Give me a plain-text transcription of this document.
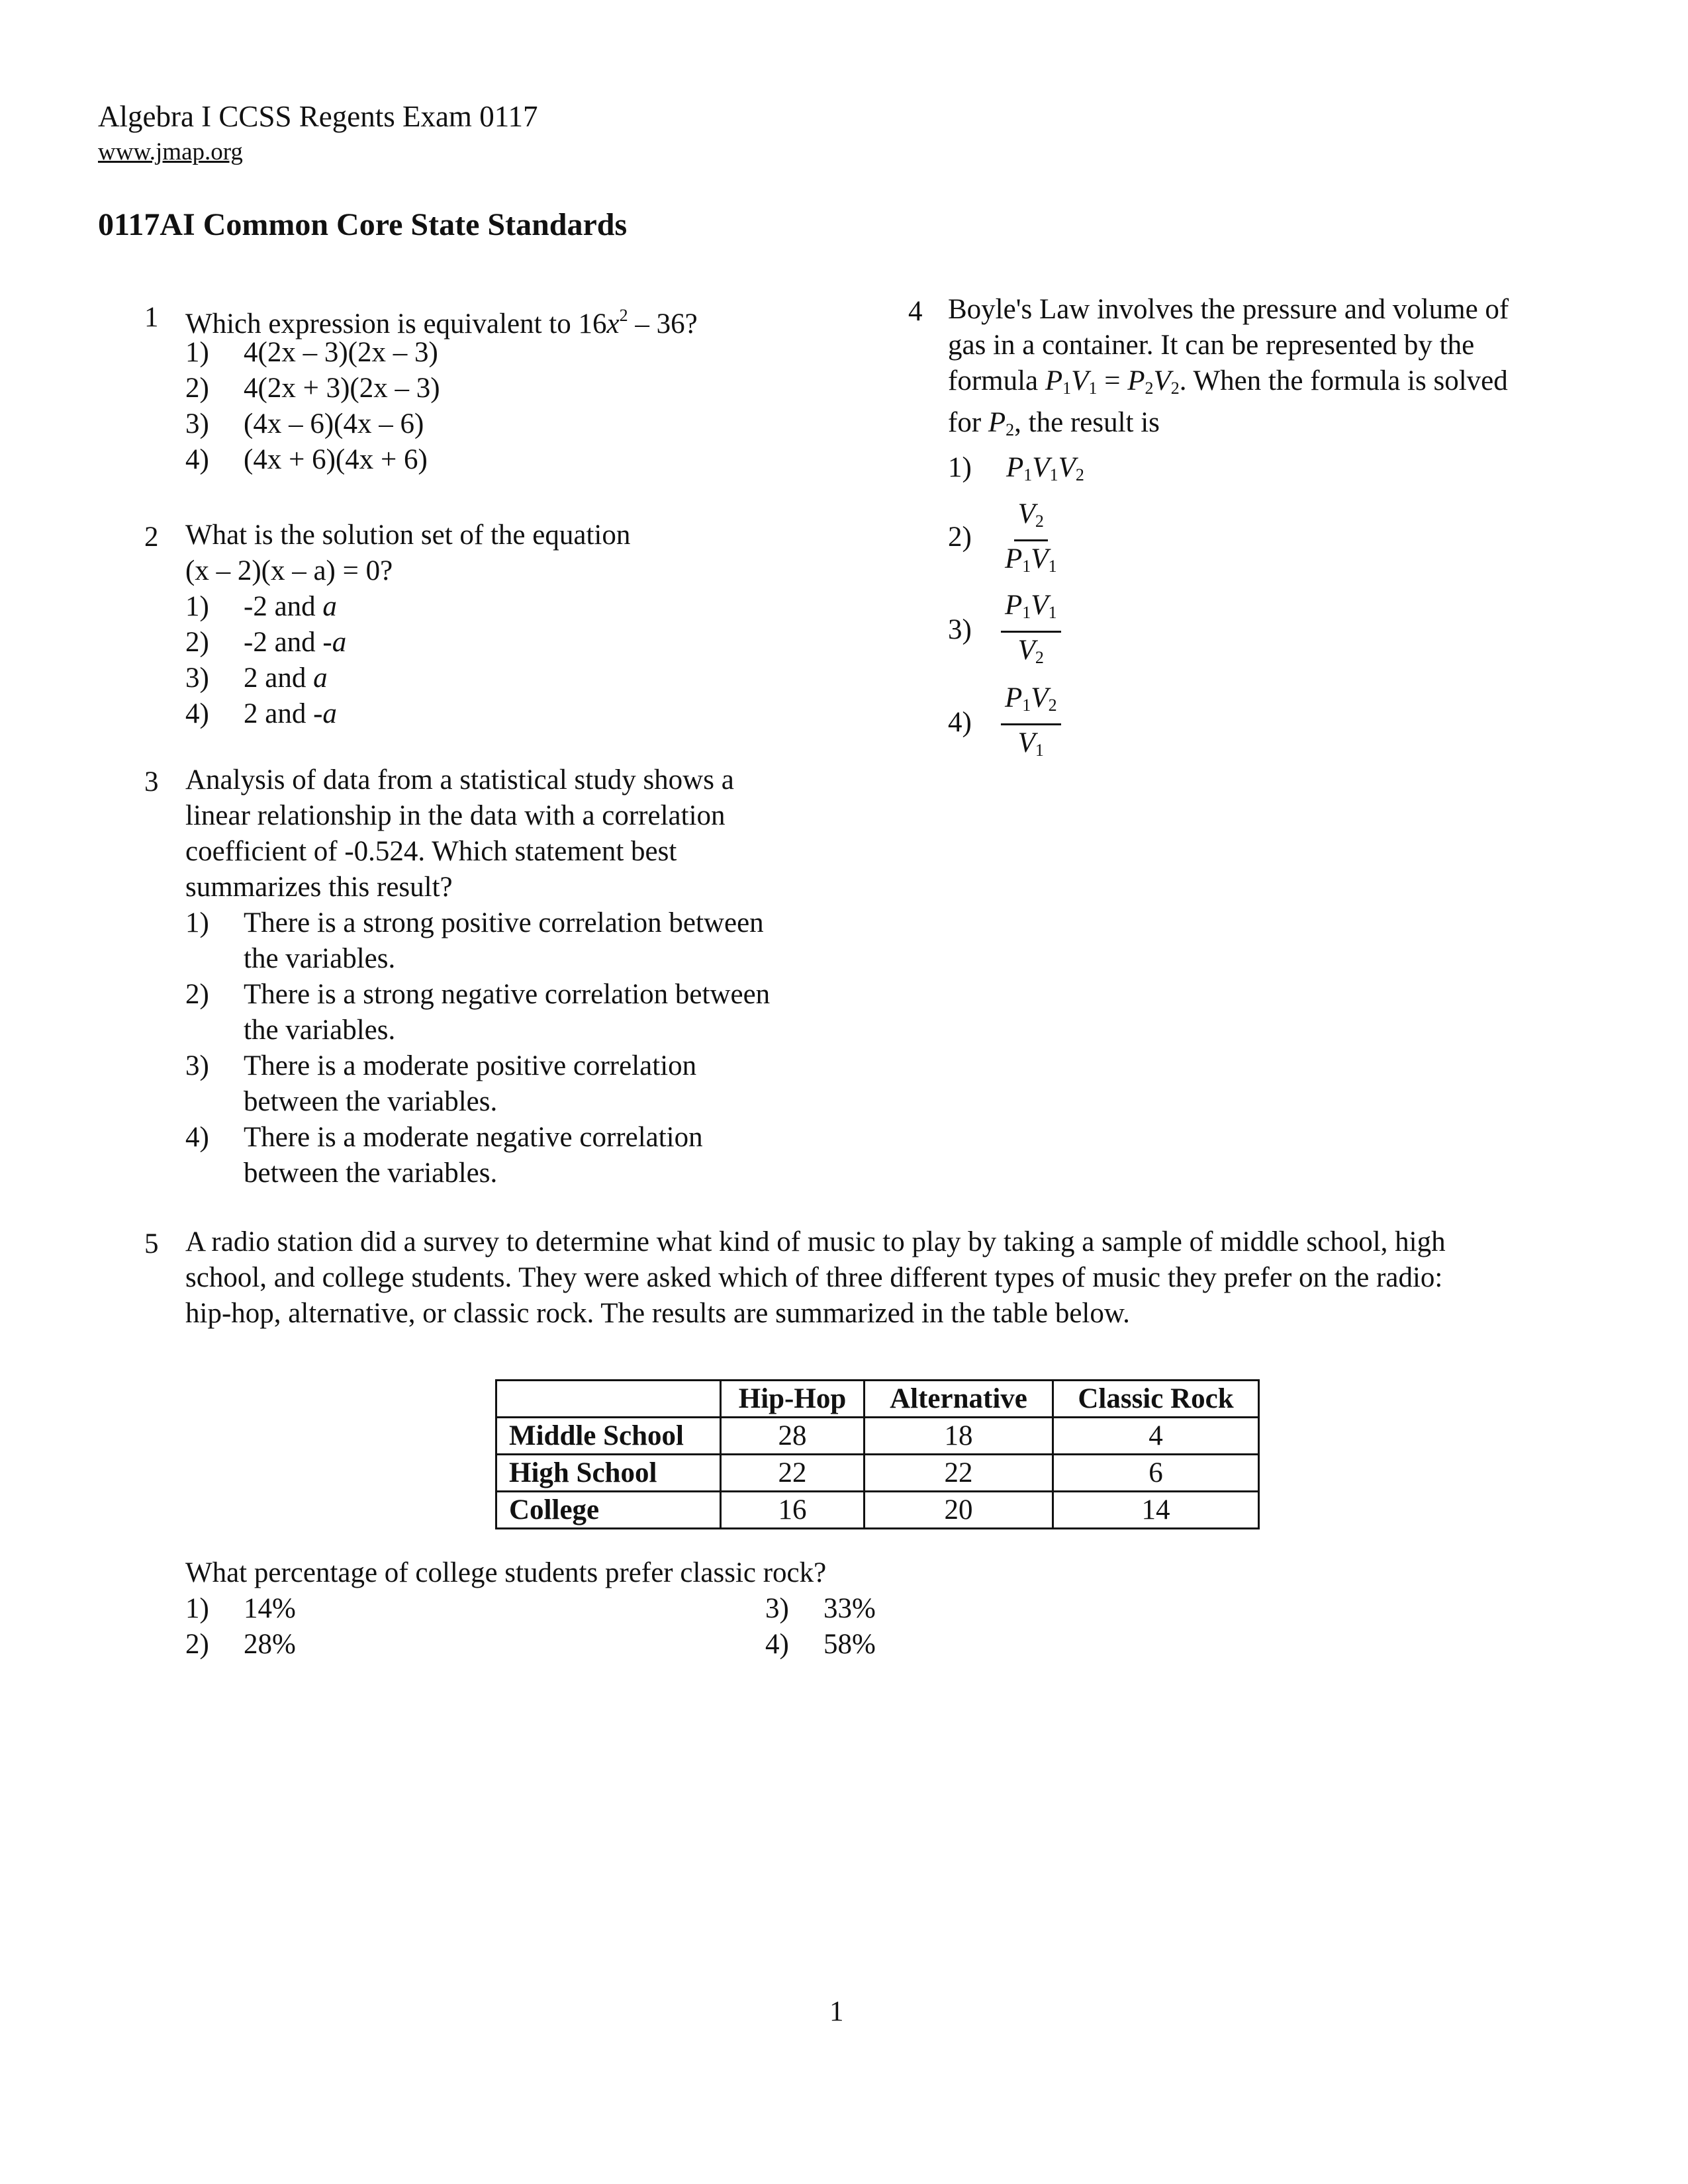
Algebra I CCSS Regents Exam 0117
www.jmap.org
0117AI Common Core State Standards
1 Which expression is equivalent to $16x^2 - 36$?
1) 4(2x – 3)(2x – 3)
2) 4(2x + 3)(2x – 3)
3) (4x – 6)(4x – 6)
4) (4x + 6)(4x + 6)
2 What is the solution set of the equation
(x – 2)(x – a) = 0?
1) -2 and a
2) -2 and -a
3) 2 and a
4) 2 and -a
3 Analysis of data from a statistical study shows a
linear relationship in the data with a correlation
coefficient of -0.524. Which statement best
summarizes this result?
1) There is a strong positive correlation between
the variables.
2) There is a strong negative correlation between
the variables.
3) There is a moderate positive correlation
between the variables.
4) There is a moderate negative correlation
between the variables.
4 Boyle's Law involves the pressure and volume of
gas in a container. It can be represented by the
formula $P_1V_1 = P_2V_2$. When the formula is solved
for $P_2$, the result is
1) $P_1V_1V_2$
2)	$\frac{V_2}{P_1V_1}$
3)	$\frac{P_1V_1}{V_2}$
4)	$\frac{P_1V_2}{V_1}$
5 A radio station did a survey to determine what kind of music to play by taking a sample of middle school, high
school, and college students. They were asked which of three different types of music they prefer on the radio:
hip-hop, alternative, or classic rock. The results are summarized in the table below.
	Hip-Hop	Alternative	Classic Rock
Middle School	28	18	4
High School	22	22	6
College	16	20	14
What percentage of college students prefer classic rock?
1) 14%
2) 28%
3) 33%
4) 58%
1
